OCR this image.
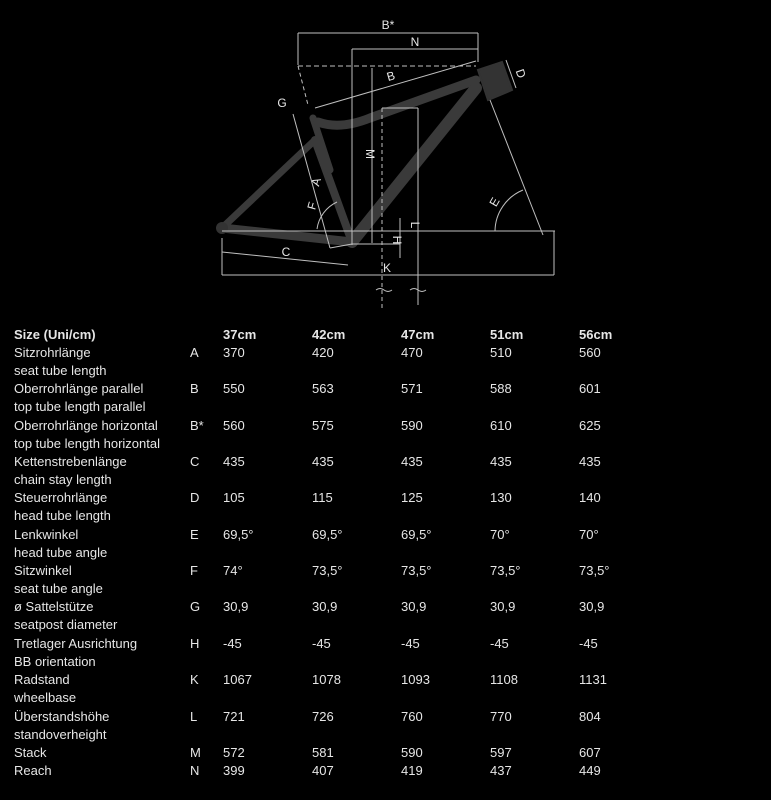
B*
N
B	D
G
M
A
F	E
C
H
L
K
Size (Uni/cm)	37cm	42cm	47cm	51cm	56cm
Sitzrohrlänge	A 370	420	470	510	560
seat tube length
Oberrohrlänge parallel	B 550	563	571	588	601
top tube length parallel
Oberrohrlänge horizontal B* 560	575	590	610	625
top tube length horizontal
Kettenstrebenlänge	C 435	435	435	435	435
chain stay length
Steuerrohrlänge	D 105	115	125	130	140
head tube length
Lenkwinkel	E 69,5°	69,5°	69,5°	70°	70°
head tube angle
Sitzwinkel	F 74°	73,5°	73,5°	73,5°	73,5°
seat tube angle
ø Sattelstütze	G 30,9	30,9	30,9	30,9	30,9
seatpost diameter
Tretlager Ausrichtung	H -45	-45	-45	-45	-45
BB orientation
Radstand	K 1067	1078	1093	1108	1131
wheelbase
Überstandshöhe	L 721	726	760	770	804
standoverheight
Stack	M 572	581	590	597	607
Reach	N 399	407	419	437	449
